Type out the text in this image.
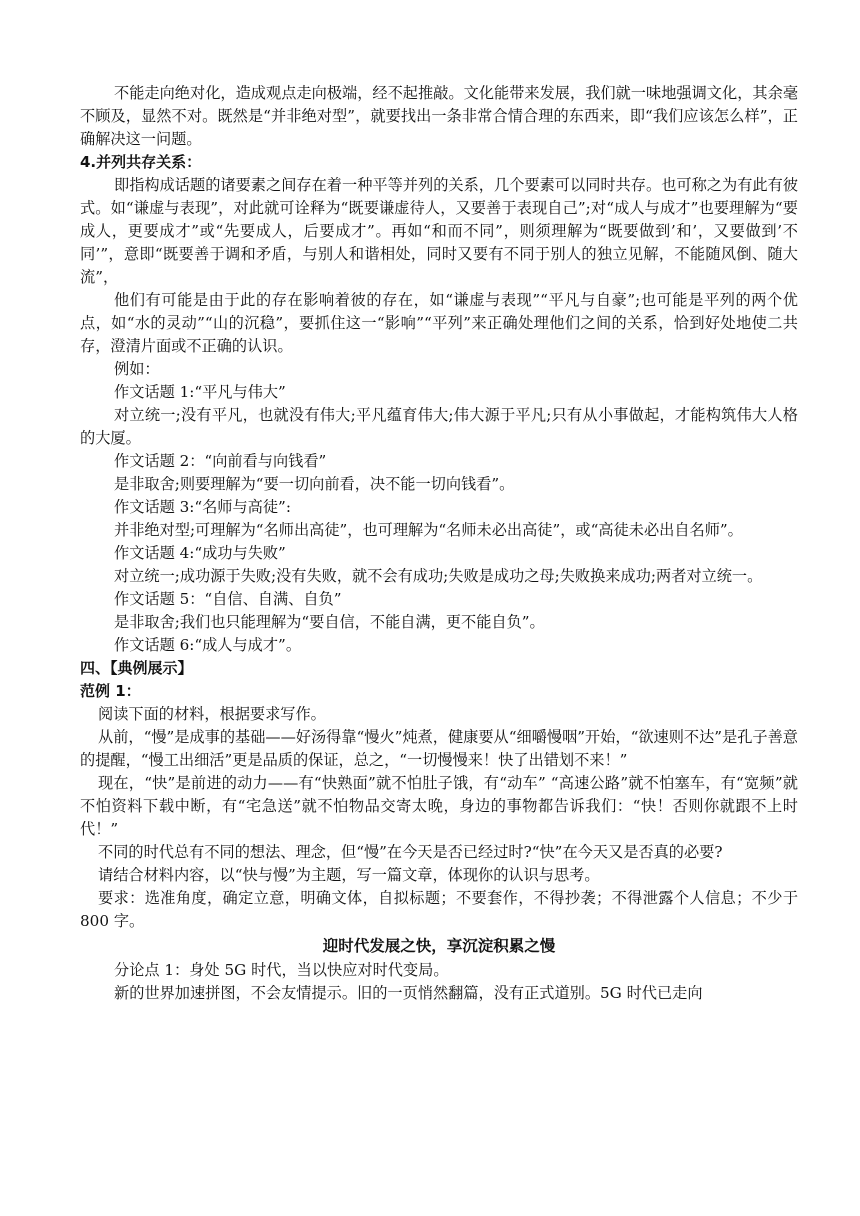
不能走向绝对化，造成观点走向极端，经不起推敲。文化能带来发展，我们就一味地强调文化，其余毫不顾及，显然不对。既然是“并非绝对型”，就要找出一条非常合情合理的东西来，即“我们应该怎么样”，正确解决这一问题。

4.并列共存关系：

即指构成话题的诸要素之间存在着一种平等并列的关系，几个要素可以同时共存。也可称之为有此有彼式。如“谦虚与表现”，对此就可诠释为“既要谦虚待人，又要善于表现自己”;对“成人与成才”也要理解为“要成人，更要成才”或“先要成人，后要成才”。再如“和而不同”，则须理解为“既要做到’和’，又要做到’不同’”，意即“既要善于调和矛盾，与别人和谐相处，同时又要有不同于别人的独立见解，不能随风倒、随大流”，

他们有可能是由于此的存在影响着彼的存在，如“谦虚与表现”“平凡与自豪”;也可能是平列的两个优点，如“水的灵动”“山的沉稳”，要抓住这一“影响”“平列”来正确处理他们之间的关系，恰到好处地使二共存，澄清片面或不正确的认识。

例如：

作文话题 1:“平凡与伟大”

对立统一;没有平凡，也就没有伟大;平凡蕴育伟大;伟大源于平凡;只有从小事做起，才能构筑伟大人格的大厦。

作文话题 2：“向前看与向钱看”

是非取舍;则要理解为“要一切向前看，决不能一切向钱看”。

作文话题 3:“名师与高徒”:

并非绝对型;可理解为“名师出高徒”，也可理解为“名师未必出高徒”，或“高徒未必出自名师”。

作文话题 4:“成功与失败”

对立统一;成功源于失败;没有失败，就不会有成功;失败是成功之母;失败换来成功;两者对立统一。

作文话题 5：“自信、自满、自负”

是非取舍;我们也只能理解为“要自信，不能自满，更不能自负”。

作文话题 6:“成人与成才”。

四、【典例展示】

范例 1：

阅读下面的材料，根据要求写作。

从前，“慢”是成事的基础——好汤得靠“慢火”炖煮，健康要从“细嚼慢咽”开始，“欲速则不达”是孔子善意的提醒，“慢工出细活”更是品质的保证，总之，“一切慢慢来！快了出错划不来！”

现在，“快”是前进的动力——有“快熟面”就不怕肚子饿，有“动车” “高速公路”就不怕塞车，有“宽频”就不怕资料下载中断，有“宅急送”就不怕物品交寄太晚，身边的事物都告诉我们：“快！否则你就跟不上时代！”

不同的时代总有不同的想法、理念，但“慢”在今天是否已经过时?“快”在今天又是否真的必要?

请结合材料内容，以“快与慢”为主题，写一篇文章，体现你的认识与思考。

要求：选准角度，确定立意，明确文体，自拟标题；不要套作，不得抄袭；不得泄露个人信息；不少于 800 字。

迎时代发展之快，享沉淀积累之慢

分论点 1：身处 5G 时代，当以快应对时代变局。

新的世界加速拼图，不会友情提示。旧的一页悄然翻篇，没有正式道别。5G 时代已走向
